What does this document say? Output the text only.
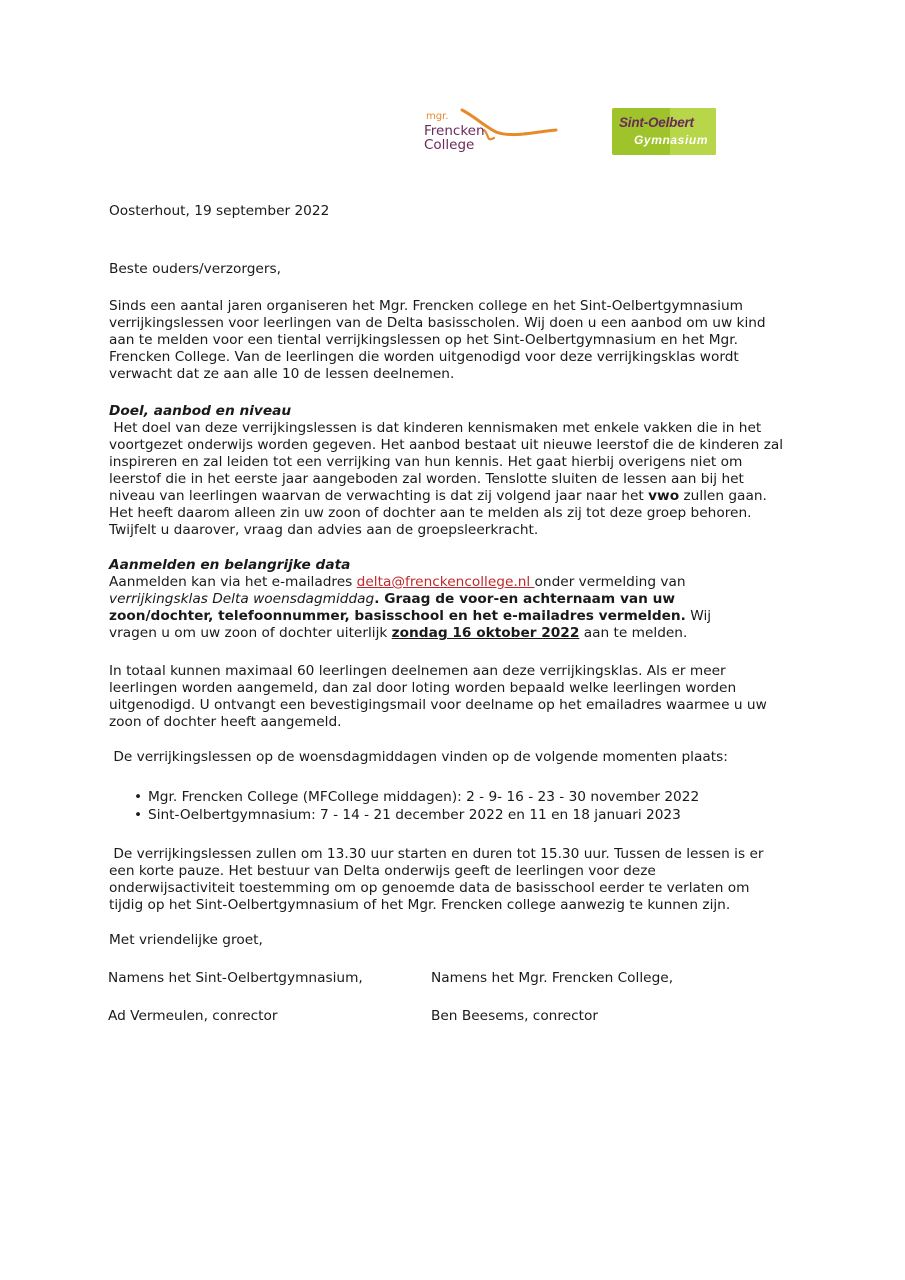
mgr.
Frencken
College
Sint-Oelbert
Gymnasium
Oosterhout, 19 september 2022
Beste ouders/verzorgers,
Sinds een aantal jaren organiseren het Mgr. Frencken college en het Sint-Oelbertgymnasium
verrijkingslessen voor leerlingen van de Delta basisscholen. Wij doen u een aanbod om uw kind
aan te melden voor een tiental verrijkingslessen op het Sint-Oelbertgymnasium en het Mgr.
Frencken College. Van de leerlingen die worden uitgenodigd voor deze verrijkingsklas wordt
verwacht dat ze aan alle 10 de lessen deelnemen.
Doel, aanbod en niveau
Het doel van deze verrijkingslessen is dat kinderen kennismaken met enkele vakken die in het
voortgezet onderwijs worden gegeven. Het aanbod bestaat uit nieuwe leerstof die de kinderen zal
inspireren en zal leiden tot een verrijking van hun kennis. Het gaat hierbij overigens niet om
leerstof die in het eerste jaar aangeboden zal worden. Tenslotte sluiten de lessen aan bij het
niveau van leerlingen waarvan de verwachting is dat zij volgend jaar naar het vwo zullen gaan.
Het heeft daarom alleen zin uw zoon of dochter aan te melden als zij tot deze groep behoren.
Twijfelt u daarover, vraag dan advies aan de groepsleerkracht.
Aanmelden en belangrijke data
Aanmelden kan via het e-mailadres delta@frenckencollege.nl onder vermelding van
verrijkingsklas Delta woensdagmiddag. Graag de voor-en achternaam van uw
zoon/dochter, telefoonnummer, basisschool en het e-mailadres vermelden. Wij
vragen u om uw zoon of dochter uiterlijk zondag 16 oktober 2022 aan te melden.
In totaal kunnen maximaal 60 leerlingen deelnemen aan deze verrijkingsklas. Als er meer
leerlingen worden aangemeld, dan zal door loting worden bepaald welke leerlingen worden
uitgenodigd. U ontvangt een bevestigingsmail voor deelname op het emailadres waarmee u uw
zoon of dochter heeft aangemeld.
De verrijkingslessen op de woensdagmiddagen vinden op de volgende momenten plaats:
• Mgr. Frencken College (MFCollege middagen): 2 - 9- 16 - 23 - 30 november 2022
• Sint-Oelbertgymnasium: 7 - 14 - 21 december 2022 en 11 en 18 januari 2023
De verrijkingslessen zullen om 13.30 uur starten en duren tot 15.30 uur. Tussen de lessen is er
een korte pauze. Het bestuur van Delta onderwijs geeft de leerlingen voor deze
onderwijsactiviteit toestemming om op genoemde data de basisschool eerder te verlaten om
tijdig op het Sint-Oelbertgymnasium of het Mgr. Frencken college aanwezig te kunnen zijn.
Met vriendelijke groet,
Namens het Sint-Oelbertgymnasium,	Namens het Mgr. Frencken College,
Ad Vermeulen, conrector	Ben Beesems, conrector
